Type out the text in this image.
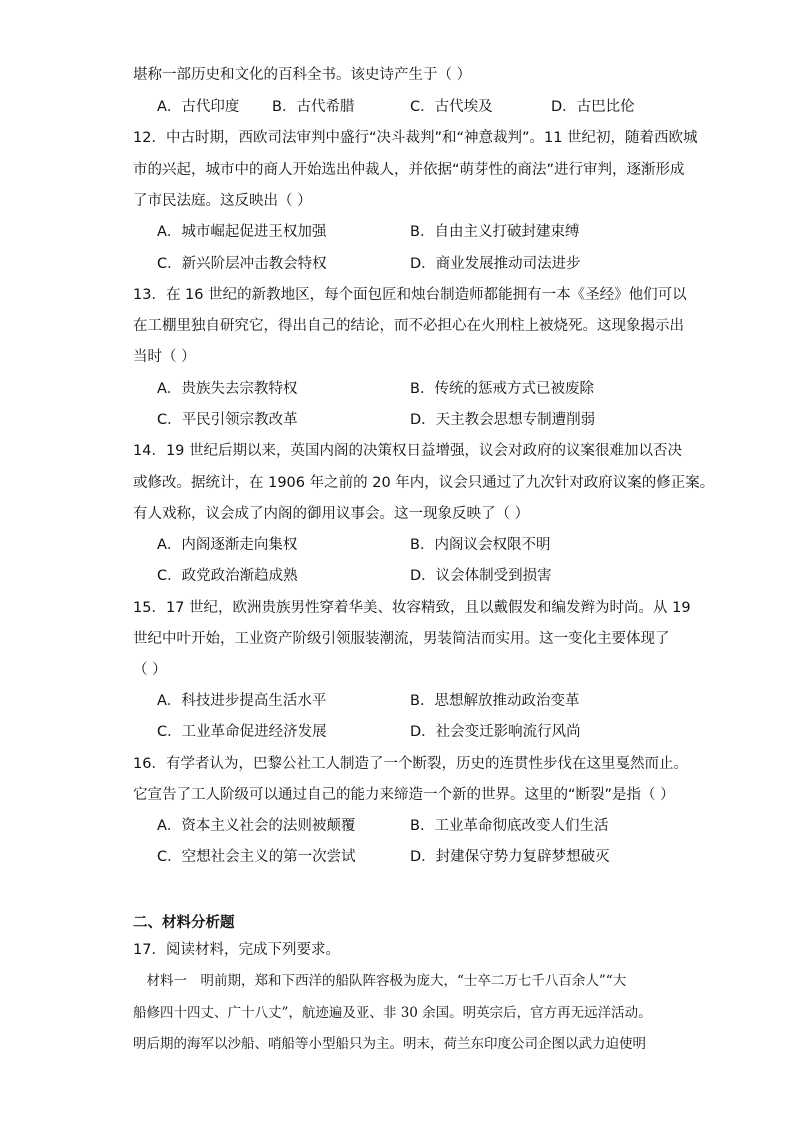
堪称一部历史和文化的百科全书。该史诗产生于（ ）
A．古代印度 B．古代希腊	C．古代埃及	D．古巴比伦
12．中古时期，西欧司法审判中盛行“决斗裁判”和“神意裁判”。11 世纪初，随着西欧城
市的兴起，城市中的商人开始选出仲裁人，并依据“萌芽性的商法”进行审判，逐渐形成
了市民法庭。这反映出（ ）
A．城市崛起促进王权加强	B．自由主义打破封建束缚
C．新兴阶层冲击教会特权	D．商业发展推动司法进步
13．在 16 世纪的新教地区，每个面包匠和烛台制造师都能拥有一本《圣经》他们可以
在工棚里独自研究它，得出自己的结论，而不必担心在火刑柱上被烧死。这现象揭示出
当时（ ）
A．贵族失去宗教特权	B．传统的惩戒方式已被废除
C．平民引领宗教改革	D．天主教会思想专制遭削弱
14．19 世纪后期以来，英国内阁的决策权日益增强，议会对政府的议案很难加以否决
或修改。据统计，在 1906 年之前的 20 年内，议会只通过了九次针对政府议案的修正案。
有人戏称，议会成了内阁的御用议事会。这一现象反映了（ ）
A．内阁逐渐走向集权	B．内阁议会权限不明
C．政党政治渐趋成熟	D．议会体制受到损害
15．17 世纪，欧洲贵族男性穿着华美、妆容精致，且以戴假发和编发辫为时尚。从 19
世纪中叶开始，工业资产阶级引领服装潮流，男装简洁而实用。这一变化主要体现了
（ ）
A．科技进步提高生活水平	B．思想解放推动政治变革
C．工业革命促进经济发展	D．社会变迁影响流行风尚
16．有学者认为，巴黎公社工人制造了一个断裂，历史的连贯性步伐在这里戛然而止。
它宣告了工人阶级可以通过自己的能力来缔造一个新的世界。这里的“断裂”是指（ ）
A．资本主义社会的法则被颠覆	B．工业革命彻底改变人们生活
C．空想社会主义的第一次尝试	D．封建保守势力复辟梦想破灭
二、材料分析题
17．阅读材料，完成下列要求。
　材料一　明前期，郑和下西洋的船队阵容极为庞大，“士卒二万七千八百余人”“大
船修四十四丈、广十八丈”，航迹遍及亚、非 30 余国。明英宗后，官方再无远洋活动。
明后期的海军以沙船、哨船等小型船只为主。明末，荷兰东印度公司企图以武力迫使明
